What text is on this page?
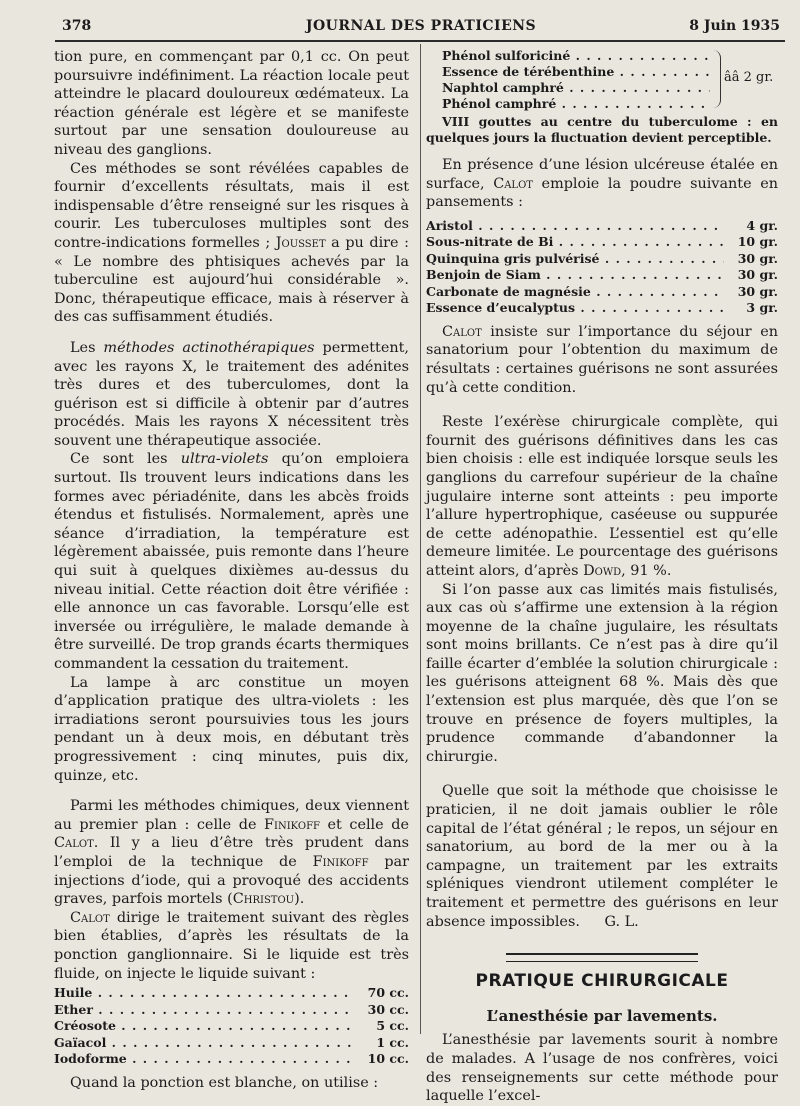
378	JOURNAL DES PRATICIENS	8 Juin 1935

tion pure, en commençant par 0,1 cc. On peut poursuivre indéfiniment. La réaction locale peut atteindre le placard douloureux œdémateux. La réaction générale est légère et se manifeste surtout par une sensation douloureuse au niveau des ganglions.

Ces méthodes se sont révélées capables de fournir d’excellents résultats, mais il est indispensable d’être renseigné sur les risques à courir. Les tuberculoses multiples sont des contre-indications formelles ; Jousset a pu dire : « Le nombre des phtisiques achevés par la tuberculine est aujourd’hui considérable ». Donc, thérapeutique efficace, mais à réserver à des cas suffisamment étudiés.

Les méthodes actinothérapiques permettent, avec les rayons X, le traitement des adénites très dures et des tuberculomes, dont la guérison est si difficile à obtenir par d’autres procédés. Mais les rayons X nécessitent très souvent une thérapeutique associée.

Ce sont les ultra-violets qu’on emploiera surtout. Ils trouvent leurs indications dans les formes avec périadénite, dans les abcès froids étendus et fistulisés. Normalement, après une séance d’irradiation, la température est légèrement abaissée, puis remonte dans l’heure qui suit à quelques dixièmes au-dessus du niveau initial. Cette réaction doit être vérifiée : elle annonce un cas favorable. Lorsqu’elle est inversée ou irrégulière, le malade demande à être surveillé. De trop grands écarts thermiques commandent la cessation du traitement.

La lampe à arc constitue un moyen d’application pratique des ultra-violets : les irradiations seront poursuivies tous les jours pendant un à deux mois, en débutant très progressivement : cinq minutes, puis dix, quinze, etc.

Parmi les méthodes chimiques, deux viennent au premier plan : celle de Finikoff et celle de Calot. Il y a lieu d’être très prudent dans l’emploi de la technique de Finikoff par injections d’iode, qui a provoqué des accidents graves, parfois mortels (Christou).

Calot dirige le traitement suivant des règles bien établies, d’après les résultats de la ponction ganglionnaire. Si le liquide est très fluide, on injecte le liquide suivant :

Huile . . .	70 cc.
Ether . . .	30 cc.
Créosote . . .	5 cc.
Gaïacol . . .	1 cc.
Iodoforme . . .	10 cc.

Quand la ponction est blanche, on utilise :

Phénol sulforiciné . . .
Essence de térébenthine . . .
Naphtol camphré . . .
Phénol camphré . . .
ââ 2 gr.
VIII gouttes au centre du tuberculome : en quelques jours la fluctuation devient perceptible.

En présence d’une lésion ulcéreuse étalée en surface, Calot emploie la poudre suivante en pansements :

Aristol . . .	4 gr.
Sous-nitrate de Bi . . .	10 gr.
Quinquina gris pulvérisé . . .	30 gr.
Benjoin de Siam . . .	30 gr.
Carbonate de magnésie . . .	30 gr.
Essence d’eucalyptus . . .	3 gr.

Calot insiste sur l’importance du séjour en sanatorium pour l’obtention du maximum de résultats : certaines guérisons ne sont assurées qu’à cette condition.

Reste l’exérèse chirurgicale complète, qui fournit des guérisons définitives dans les cas bien choisis : elle est indiquée lorsque seuls les ganglions du carrefour supérieur de la chaîne jugulaire interne sont atteints : peu importe l’allure hypertrophique, caséeuse ou suppurée de cette adénopathie. L’essentiel est qu’elle demeure limitée. Le pourcentage des guérisons atteint alors, d’après Dowd, 91 %.

Si l’on passe aux cas limités mais fistulisés, aux cas où s’affirme une extension à la région moyenne de la chaîne jugulaire, les résultats sont moins brillants. Ce n’est pas à dire qu’il faille écarter d’emblée la solution chirurgicale : les guérisons atteignent 68 %. Mais dès que l’extension est plus marquée, dès que l’on se trouve en présence de foyers multiples, la prudence commande d’abandonner la chirurgie.

Quelle que soit la méthode que choisisse le praticien, il ne doit jamais oublier le rôle capital de l’état général ; le repos, un séjour en sanatorium, au bord de la mer ou à la campagne, un traitement par les extraits spléniques viendront utilement compléter le traitement et permettre des guérisons en leur absence impossibles. G. L.

PRATIQUE CHIRURGICALE
L’anesthésie par lavements.

L’anesthésie par lavements sourit à nombre de malades. A l’usage de nos confrères, voici des renseignements sur cette méthode pour laquelle l’excel-
